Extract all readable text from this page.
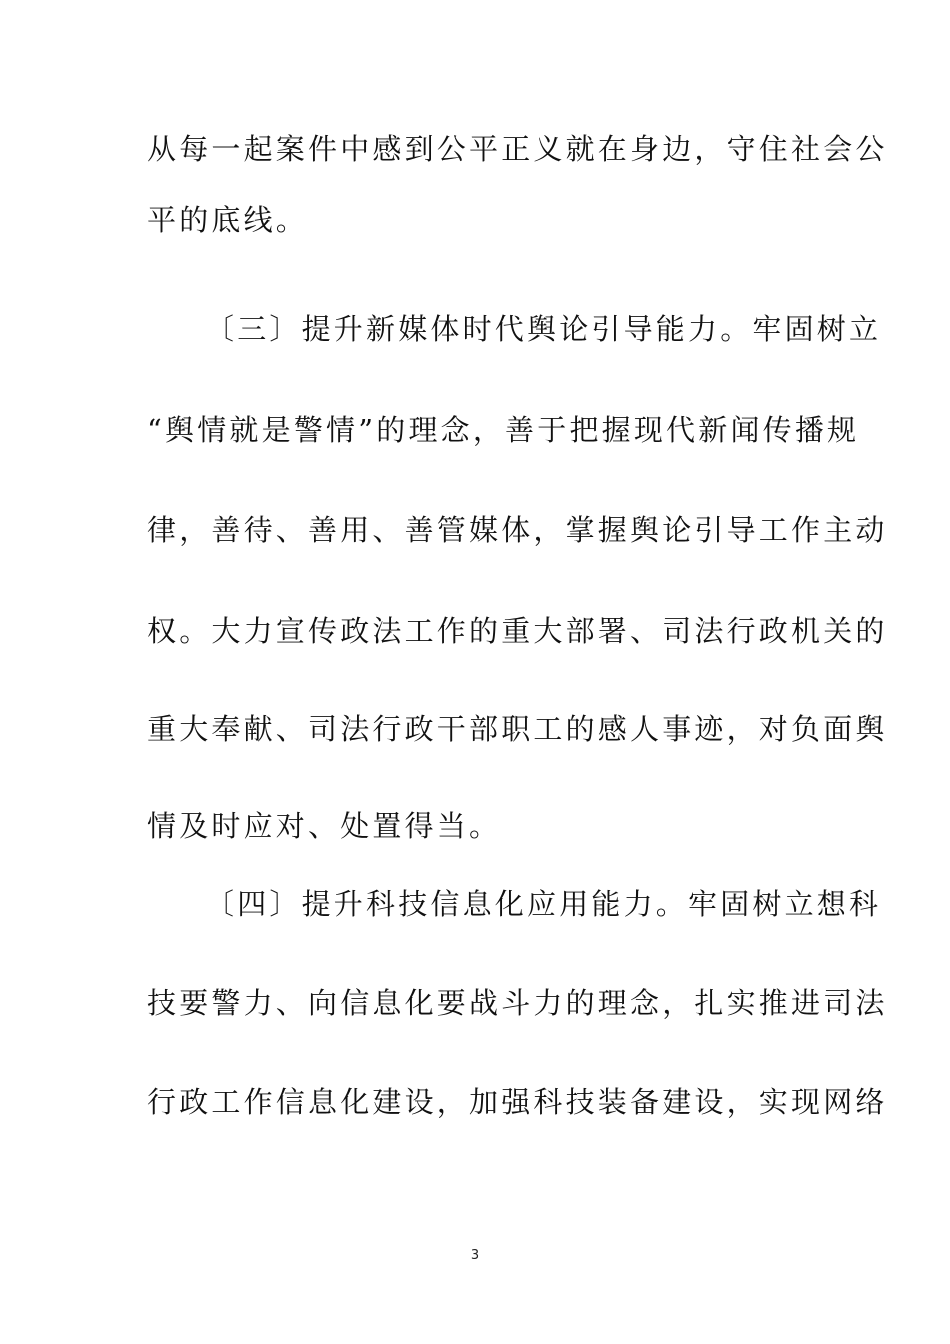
从每一起案件中感到公平正义就在身边，守住社会公
平的底线。
〔三〕提升新媒体时代舆论引导能力。牢固树立
“舆情就是警情”的理念，善于把握现代新闻传播规
律，善待、善用、善管媒体，掌握舆论引导工作主动
权。大力宣传政法工作的重大部署、司法行政机关的
重大奉献、司法行政干部职工的感人事迹，对负面舆
情及时应对、处置得当。
〔四〕提升科技信息化应用能力。牢固树立想科
技要警力、向信息化要战斗力的理念，扎实推进司法
行政工作信息化建设，加强科技装备建设，实现网络
3
